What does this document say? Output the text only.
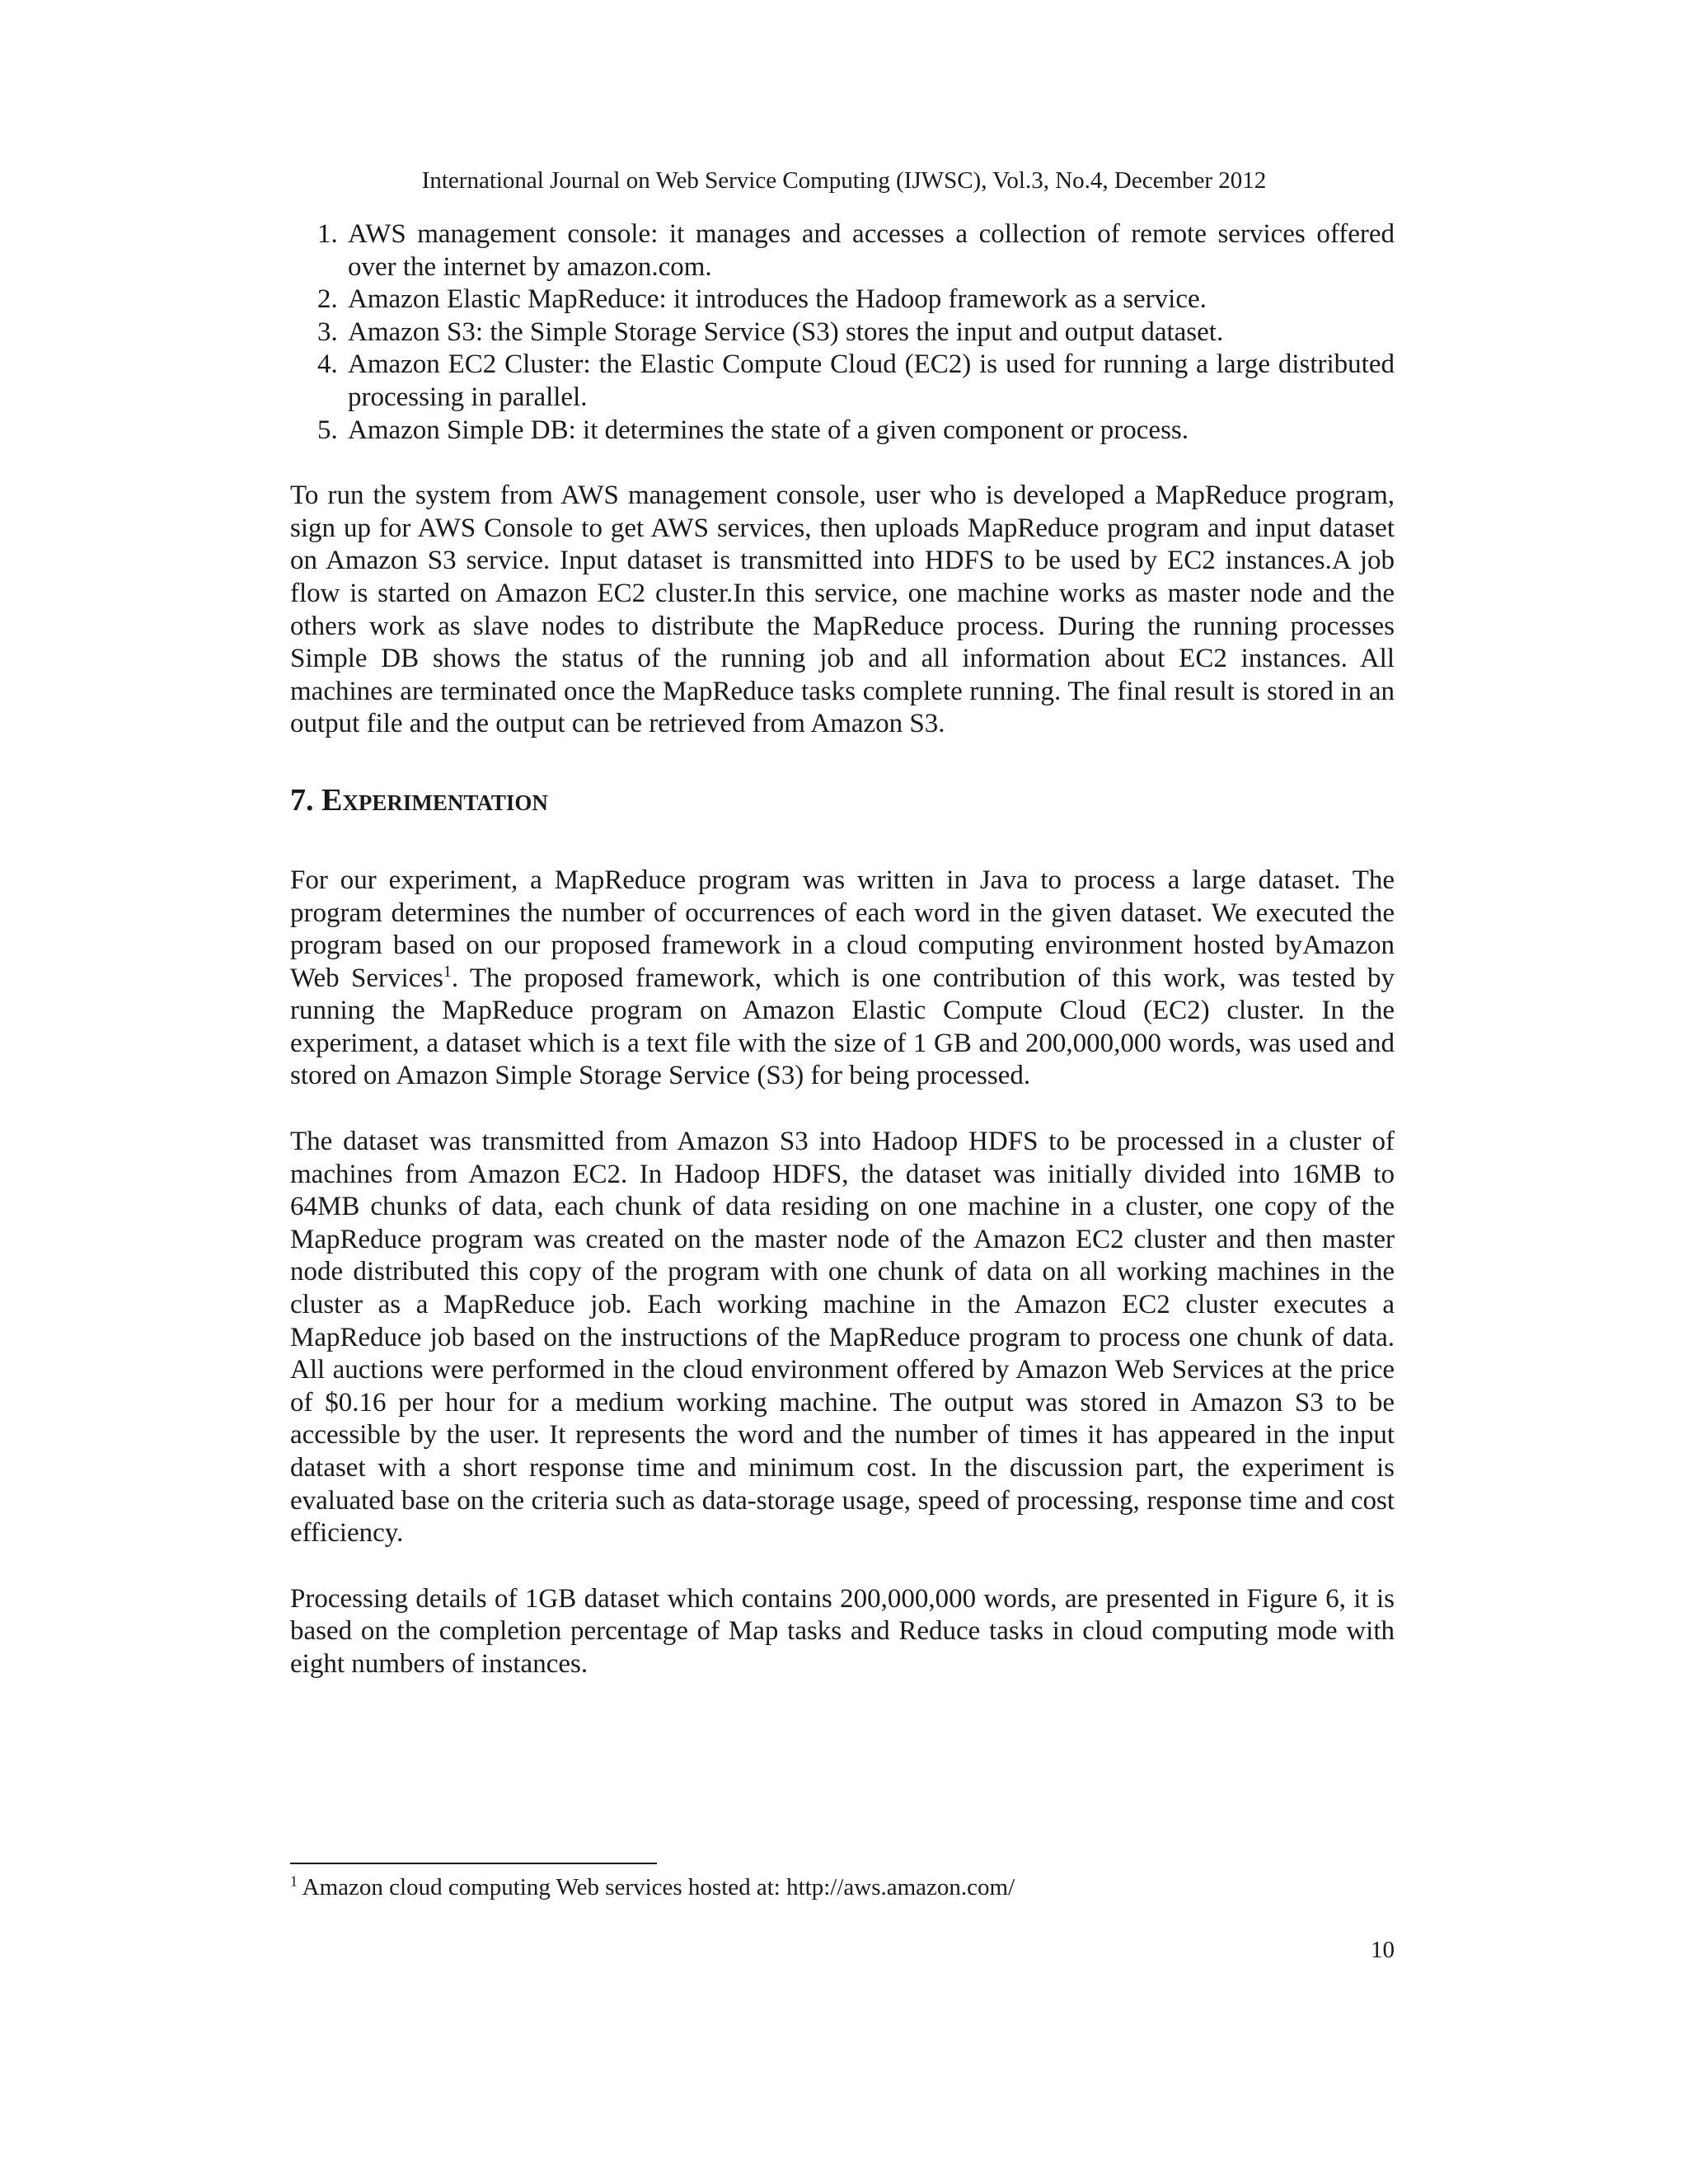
International Journal on Web Service Computing (IJWSC), Vol.3, No.4, December 2012
1. AWS management console: it manages and accesses a collection of remote services offered over the internet by amazon.com.
2. Amazon Elastic MapReduce: it introduces the Hadoop framework as a service.
3. Amazon S3: the Simple Storage Service (S3) stores the input and output dataset.
4. Amazon EC2 Cluster: the Elastic Compute Cloud (EC2) is used for running a large distributed processing in parallel.
5. Amazon Simple DB: it determines the state of a given component or process.

To run the system from AWS management console, user who is developed a MapReduce program, sign up for AWS Console to get AWS services, then uploads MapReduce program and input dataset on Amazon S3 service. Input dataset is transmitted into HDFS to be used by EC2 instances.A job flow is started on Amazon EC2 cluster.In this service, one machine works as master node and the others work as slave nodes to distribute the MapReduce process. During the running processes Simple DB shows the status of the running job and all information about EC2 instances. All machines are terminated once the MapReduce tasks complete running. The final result is stored in an output file and the output can be retrieved from Amazon S3.

7. Experimentation

For our experiment, a MapReduce program was written in Java to process a large dataset. The program determines the number of occurrences of each word in the given dataset. We executed the program based on our proposed framework in a cloud computing environment hosted byAmazon Web Services$^1$. The proposed framework, which is one contribution of this work, was tested by running the MapReduce program on Amazon Elastic Compute Cloud (EC2) cluster. In the experiment, a dataset which is a text file with the size of 1 GB and 200,000,000 words, was used and stored on Amazon Simple Storage Service (S3) for being processed.

The dataset was transmitted from Amazon S3 into Hadoop HDFS to be processed in a cluster of machines from Amazon EC2. In Hadoop HDFS, the dataset was initially divided into 16MB to 64MB chunks of data, each chunk of data residing on one machine in a cluster, one copy of the MapReduce program was created on the master node of the Amazon EC2 cluster and then master node distributed this copy of the program with one chunk of data on all working machines in the cluster as a MapReduce job. Each working machine in the Amazon EC2 cluster executes a MapReduce job based on the instructions of the MapReduce program to process one chunk of data. All auctions were performed in the cloud environment offered by Amazon Web Services at the price of $0.16 per hour for a medium working machine. The output was stored in Amazon S3 to be accessible by the user. It represents the word and the number of times it has appeared in the input dataset with a short response time and minimum cost. In the discussion part, the experiment is evaluated base on the criteria such as data-storage usage, speed of processing, response time and cost efficiency.

Processing details of 1GB dataset which contains 200,000,000 words, are presented in Figure 6, it is based on the completion percentage of Map tasks and Reduce tasks in cloud computing mode with eight numbers of instances.

$^1$ Amazon cloud computing Web services hosted at: http://aws.amazon.com/
10
